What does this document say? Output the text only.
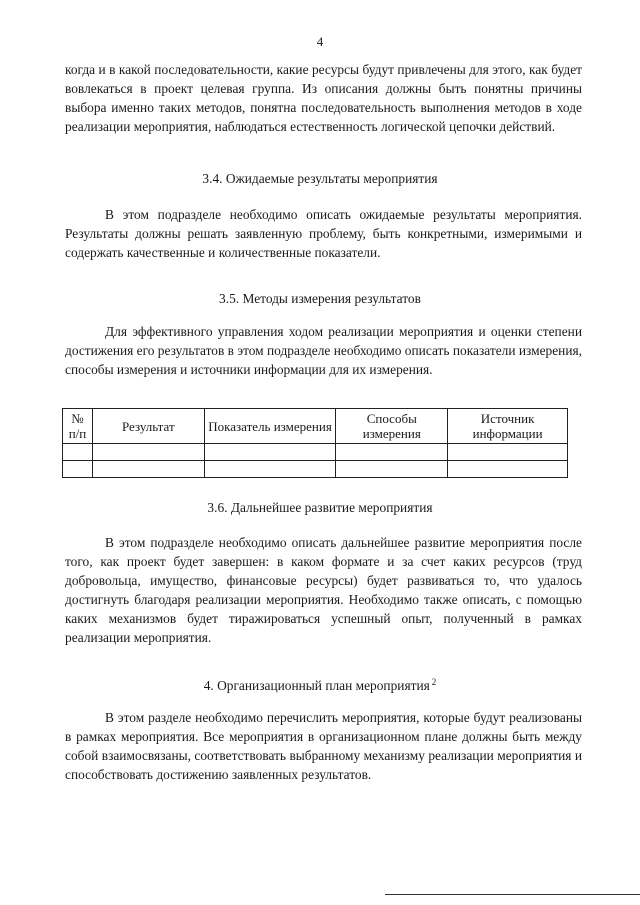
4

когда и в какой последовательности, какие ресурсы будут привлечены для этого, как будет вовлекаться в проект целевая группа. Из описания должны быть понятны причины выбора именно таких методов, понятна последовательность выполнения методов в ходе реализации мероприятия, наблюдаться естественность логической цепочки действий.

3.4. Ожидаемые результаты мероприятия

В этом подразделе необходимо описать ожидаемые результаты мероприятия. Результаты должны решать заявленную проблему, быть конкретными, измеримыми и содержать качественные и количественные показатели.

3.5. Методы измерения результатов

Для эффективного управления ходом реализации мероприятия и оценки степени достижения его результатов в этом подразделе необходимо описать показатели измерения, способы измерения и источники информации для их измерения.

№ п/п	Результат	Показатель измерения	Способы измерения	Источник информации

3.6. Дальнейшее развитие мероприятия

В этом подразделе необходимо описать дальнейшее развитие мероприятия после того, как проект будет завершен: в каком формате и за счет каких ресурсов (труд добровольца, имущество, финансовые ресурсы) будет развиваться то, что удалось достигнуть благодаря реализации мероприятия. Необходимо также описать, с помощью каких механизмов будет тиражироваться успешный опыт, полученный в рамках реализации мероприятия.

4. Организационный план мероприятия $^2$

В этом разделе необходимо перечислить мероприятия, которые будут реализованы в рамках мероприятия. Все мероприятия в организационном плане должны быть между собой взаимосвязаны, соответствовать выбранному механизму реализации мероприятия и способствовать достижению заявленных результатов.
